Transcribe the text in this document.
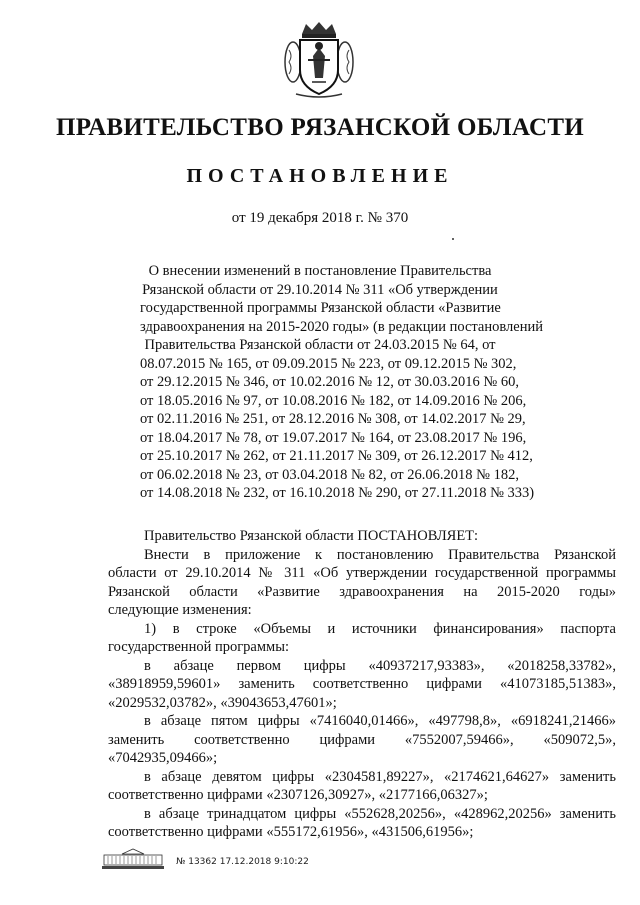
ПРАВИТЕЛЬСТВО РЯЗАНСКОЙ ОБЛАСТИ
ПОСТАНОВЛЕНИЕ
от 19 декабря 2018 г. № 370
О внесении изменений в постановление Правительства
Рязанской области от 29.10.2014 № 311 «Об утверждении
государственной программы Рязанской области «Развитие
здравоохранения на 2015-2020 годы» (в редакции постановлений
Правительства Рязанской области от 24.03.2015 № 64, от
08.07.2015 № 165, от 09.09.2015 № 223, от 09.12.2015 № 302,
от 29.12.2015 № 346, от 10.02.2016 № 12, от 30.03.2016 № 60,
от 18.05.2016 № 97, от 10.08.2016 № 182, от 14.09.2016 № 206,
от 02.11.2016 № 251, от 28.12.2016 № 308, от 14.02.2017 № 29,
от 18.04.2017 № 78, от 19.07.2017 № 164, от 23.08.2017 № 196,
от 25.10.2017 № 262, от 21.11.2017 № 309, от 26.12.2017 № 412,
от 06.02.2018 № 23, от 03.04.2018 № 82, от 26.06.2018 № 182,
от 14.08.2018 № 232, от 16.10.2018 № 290, от 27.11.2018 № 333)

Правительство Рязанской области ПОСТАНОВЛЯЕТ:

Внести в приложение к постановлению Правительства Рязанской

области от 29.10.2014 № 311 «Об утверждении государственной программы

Рязанской области «Развитие здравоохранения на 2015-2020 годы»

следующие изменения:

1) в строке «Объемы и источники финансирования» паспорта

государственной программы:

в абзаце первом цифры «40937217,93383», «2018258,33782»,

«38918959,59601» заменить соответственно цифрами «41073185,51383»,

«2029532,03782», «39043653,47601»;

в абзаце пятом цифры «7416040,01466», «497798,8», «6918241,21466»

заменить соответственно цифрами «7552007,59466», «509072,5»,

«7042935,09466»;

в абзаце девятом цифры «2304581,89227», «2174621,64627» заменить

соответственно цифрами «2307126,30927», «2177166,06327»;

в абзаце тринадцатом цифры «552628,20256», «428962,20256» заменить

соответственно цифрами «555172,61956», «431506,61956»;

№ 13362 17.12.2018 9:10:22
